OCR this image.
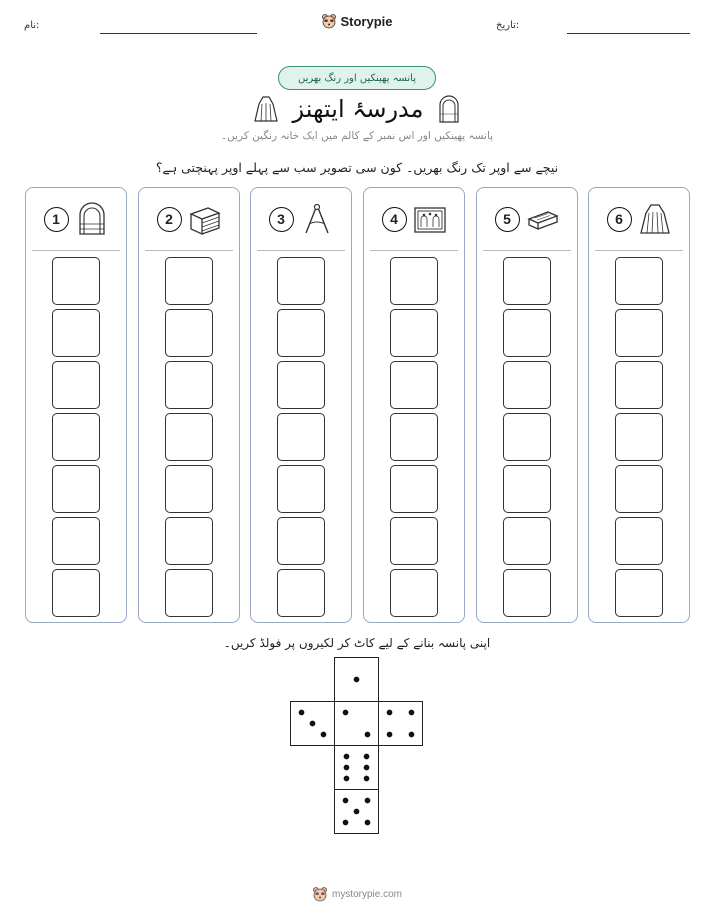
نام:	تاریخ:
Storypie
پانسہ پھینکیں اور رنگ بھریں
مدرسۂ ایتھنز
پانسہ پھینکیں اور اس نمبر کے کالم میں ایک خانہ رنگین کریں۔
نیچے سے اوپر تک رنگ بھریں۔ کون سی تصویر سب سے پہلے اوپر پہنچتی ہے؟
1	2	3	4	5	6
اپنی پانسہ بنانے کے لیے کاٹ کر لکیروں پر فولڈ کریں۔
mystorypie.com
